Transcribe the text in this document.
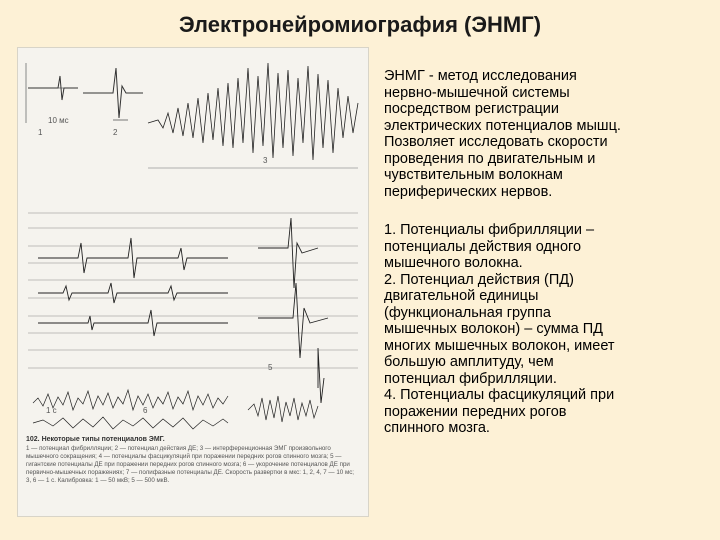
Электронейромиография (ЭНМГ)
10 мс
1	2
3
5
1 с	6
102. Некоторые типы потенциалов ЭМГ.
1 — потенциал фибрилляции; 2 — потенциал действия ДЕ; 3 — интерференционная ЭМГ произвольного мышечного сокращения; 4 — потенциалы фасцикуляций при поражении передних рогов спинного мозга; 5 — гигантские потенциалы ДЕ при поражении передних рогов спинного мозга; 6 — укорочение потенциалов ДЕ при первично-мышечных поражениях; 7 — полифазные потенциалы ДЕ. Скорость развертки в мкс: 1, 2, 4, 7 — 10 мс; 3, 6 — 1 с. Калибровка: 1 — 50 мкВ; 5 — 500 мкВ.

ЭНМГ - метод исследования
нервно-мышечной системы
посредством регистрации
электрических потенциалов мышц.
Позволяет исследовать скорости
проведения по двигательным и
чувствительным волокнам
периферических нервов.

1. Потенциалы фибрилляции –
потенциалы действия одного
мышечного волокна.
2. Потенциал действия (ПД)
двигательной единицы
(функциональная группа
мышечных волокон) – сумма ПД
многих мышечных волокон, имеет
большую амплитуду, чем
потенциал фибрилляции.
4. Потенциалы фасцикуляций при
поражении передних рогов
спинного мозга.
